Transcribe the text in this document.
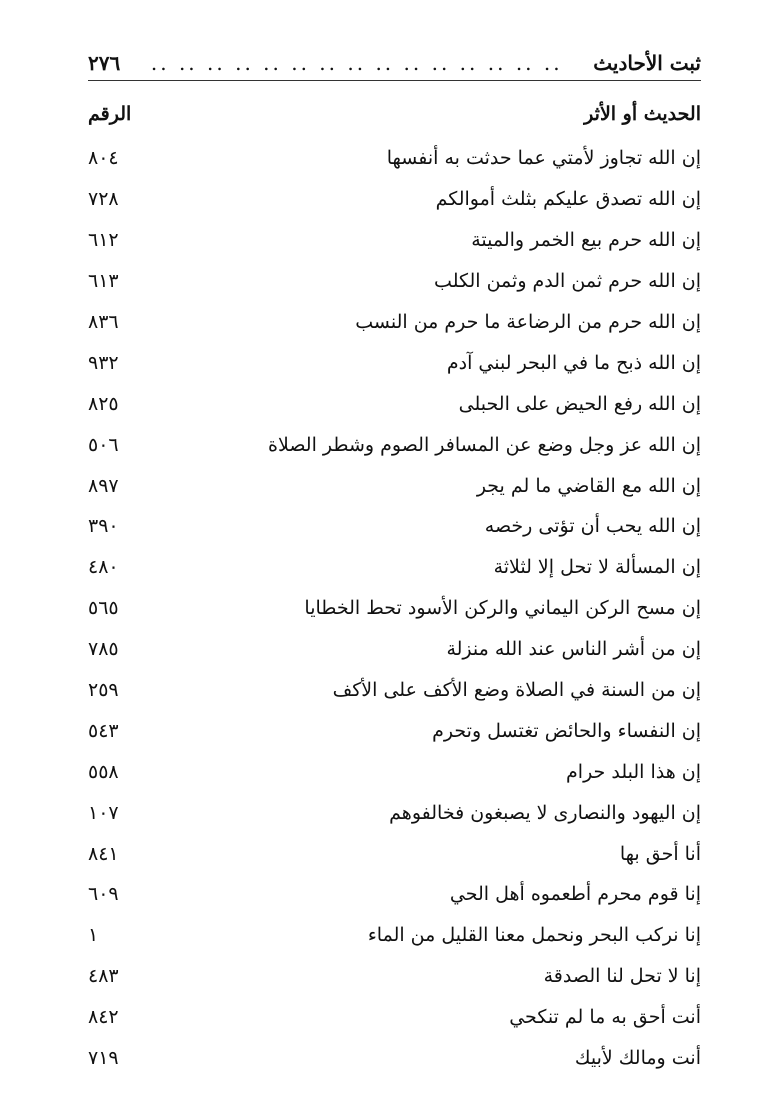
ثبت الأحاديث
.. .. .. .. .. .. .. .. .. .. .. .. .. .. ..
٢٧٦
الحديث أو الأثر
الرقم
إن الله تجاوز لأمتي عما حدثت به أنفسها
٨٠٤
إن الله تصدق عليكم بثلث أموالكم
٧٢٨
إن الله حرم بيع الخمر والميتة
٦١٢
إن الله حرم ثمن الدم وثمن الكلب
٦١٣
إن الله حرم من الرضاعة ما حرم من النسب
٨٣٦
إن الله ذبح ما في البحر لبني آدم
٩٣٢
إن الله رفع الحيض على الحبلى
٨٢٥
إن الله عز وجل وضع عن المسافر الصوم وشطر الصلاة
٥٠٦
إن الله مع القاضي ما لم يجر
٨٩٧
إن الله يحب أن تؤتى رخصه
٣٩٠
إن المسألة لا تحل إلا لثلاثة
٤٨٠
إن مسح الركن اليماني والركن الأسود تحط الخطايا
٥٦٥
إن من أشر الناس عند الله منزلة
٧٨٥
إن من السنة في الصلاة وضع الأكف على الأكف
٢٥٩
إن النفساء والحائض تغتسل وتحرم
٥٤٣
إن هذا البلد حرام
٥٥٨
إن اليهود والنصارى لا يصبغون فخالفوهم
١٠٧
أنا أحق بها
٨٤١
إنا قوم محرم أطعموه أهل الحي
٦٠٩
إنا نركب البحر ونحمل معنا القليل من الماء
١
إنا لا تحل لنا الصدقة
٤٨٣
أنت أحق به ما لم تنكحي
٨٤٢
أنت ومالك لأبيك
٧١٩
